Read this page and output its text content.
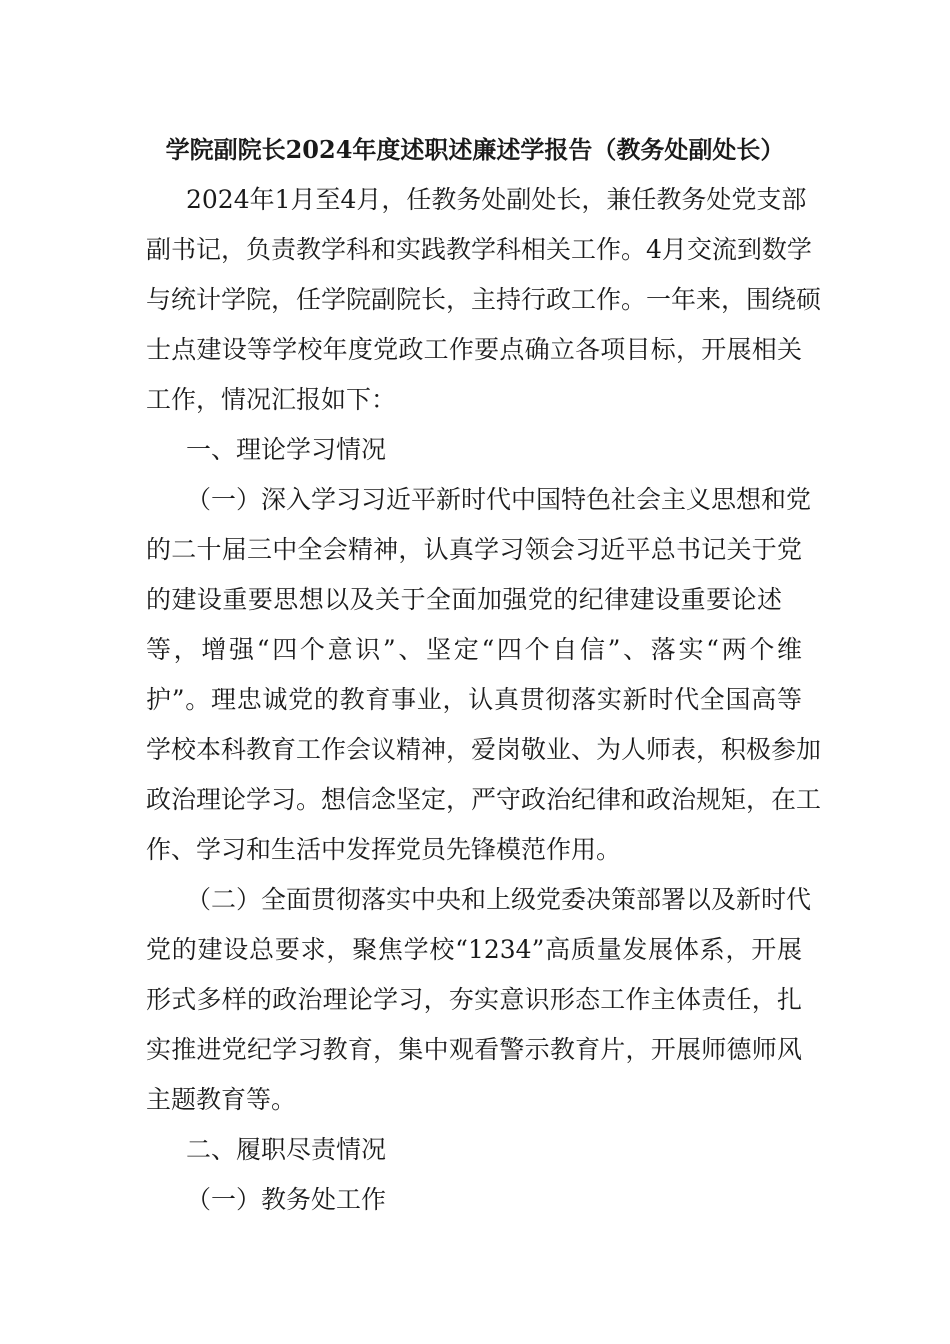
学院副院长2024年度述职述廉述学报告（教务处副处长）
2024年1月至4月，任教务处副处长，兼任教务处党支部
副书记，负责教学科和实践教学科相关工作。4月交流到数学
与统计学院，任学院副院长，主持行政工作。一年来，围绕硕
士点建设等学校年度党政工作要点确立各项目标，开展相关
工作，情况汇报如下：
一、理论学习情况
（一）深入学习习近平新时代中国特色社会主义思想和党
的二十届三中全会精神，认真学习领会习近平总书记关于党
的建设重要思想以及关于全面加强党的纪律建设重要论述
等，增强“四个意识”、坚定“四个自信”、落实“两个维
护”。理忠诚党的教育事业，认真贯彻落实新时代全国高等
学校本科教育工作会议精神，爱岗敬业、为人师表，积极参加
政治理论学习。想信念坚定，严守政治纪律和政治规矩，在工
作、学习和生活中发挥党员先锋模范作用。
（二）全面贯彻落实中央和上级党委决策部署以及新时代
党的建设总要求，聚焦学校“1234”高质量发展体系，开展
形式多样的政治理论学习，夯实意识形态工作主体责任，扎
实推进党纪学习教育，集中观看警示教育片，开展师德师风
主题教育等。
二、履职尽责情况
（一）教务处工作
